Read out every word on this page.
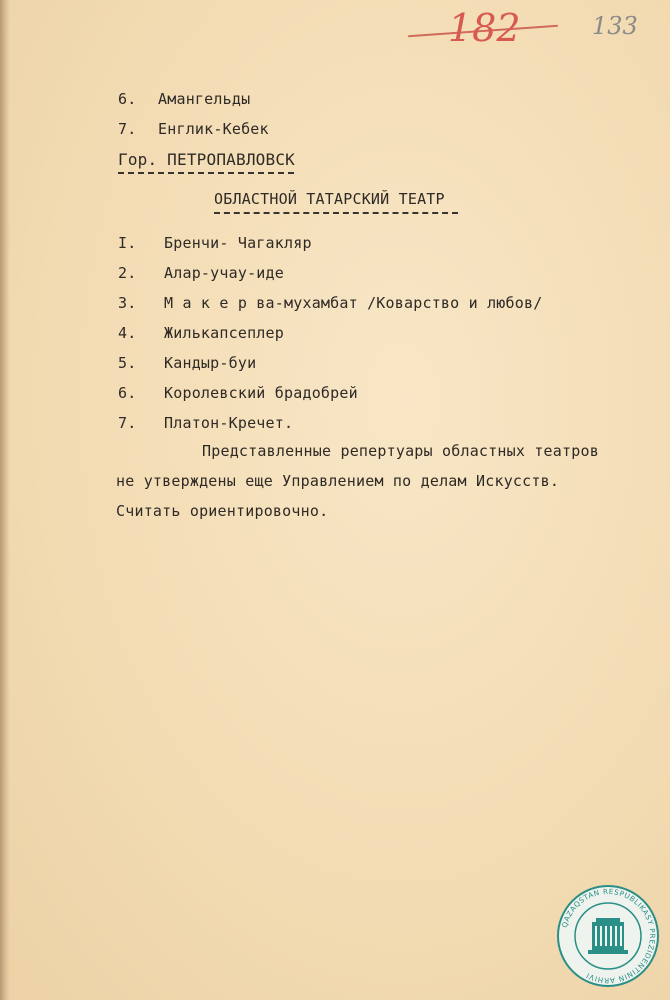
182	133
6. Амангельды
7. Енглик-Кебек
Гор. ПЕТРОПАВЛОВСК
ОБЛАСТНОЙ ТАТАРСКИЙ ТЕАТР
I. Бренчи- Чагакляр
2. Алар-учау-иде
3. М а к е р ва-мухамбат /Коварство и любов/
4. Жилькапсеплер
5. Кандыр-буи
6. Королевский брадобрей
7. Платон-Кречет.
Представленные репертуары областных театров
не утверждены еще Управлением по делам Искусств.
Считать ориентировочно.
QAZAQSTAN RESPUBLIKASY PREZIDENTINIŃ ARHIVI
